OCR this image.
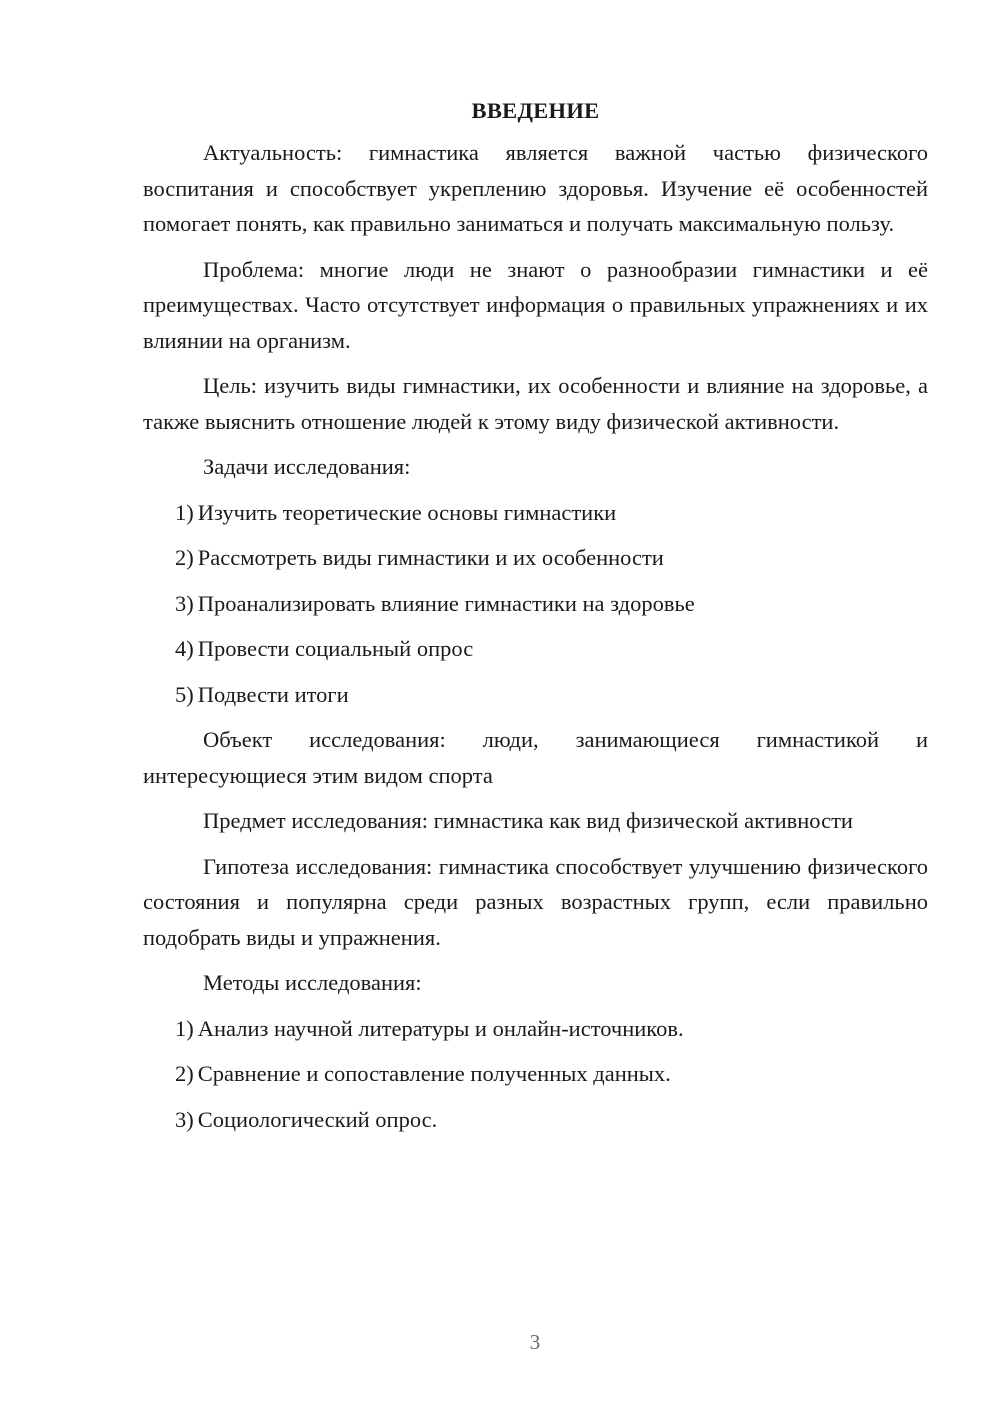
ВВЕДЕНИЕ

Актуальность: гимнастика является важной частью физического воспитания и способствует укреплению здоровья. Изучение её особенностей помогает понять, как правильно заниматься и получать максимальную пользу.

Проблема: многие люди не знают о разнообразии гимнастики и её преимуществах. Часто отсутствует информация о правильных упражнениях и их влиянии на организм.

Цель: изучить виды гимнастики, их особенности и влияние на здоровье, а также выяснить отношение людей к этому виду физической активности.

Задачи исследования:

1) Изучить теоретические основы гимнастики
2) Рассмотреть виды гимнастики и их особенности
3) Проанализировать влияние гимнастики на здоровье
4) Провести социальный опрос
5) Подвести итоги

Объект исследования: люди, занимающиеся гимнастикой и интересующиеся этим видом спорта

Предмет исследования: гимнастика как вид физической активности

Гипотеза исследования: гимнастика способствует улучшению физического состояния и популярна среди разных возрастных групп, если правильно подобрать виды и упражнения.

Методы исследования:

1) Анализ научной литературы и онлайн-источников.
2) Сравнение и сопоставление полученных данных.
3) Социологический опрос.
3
